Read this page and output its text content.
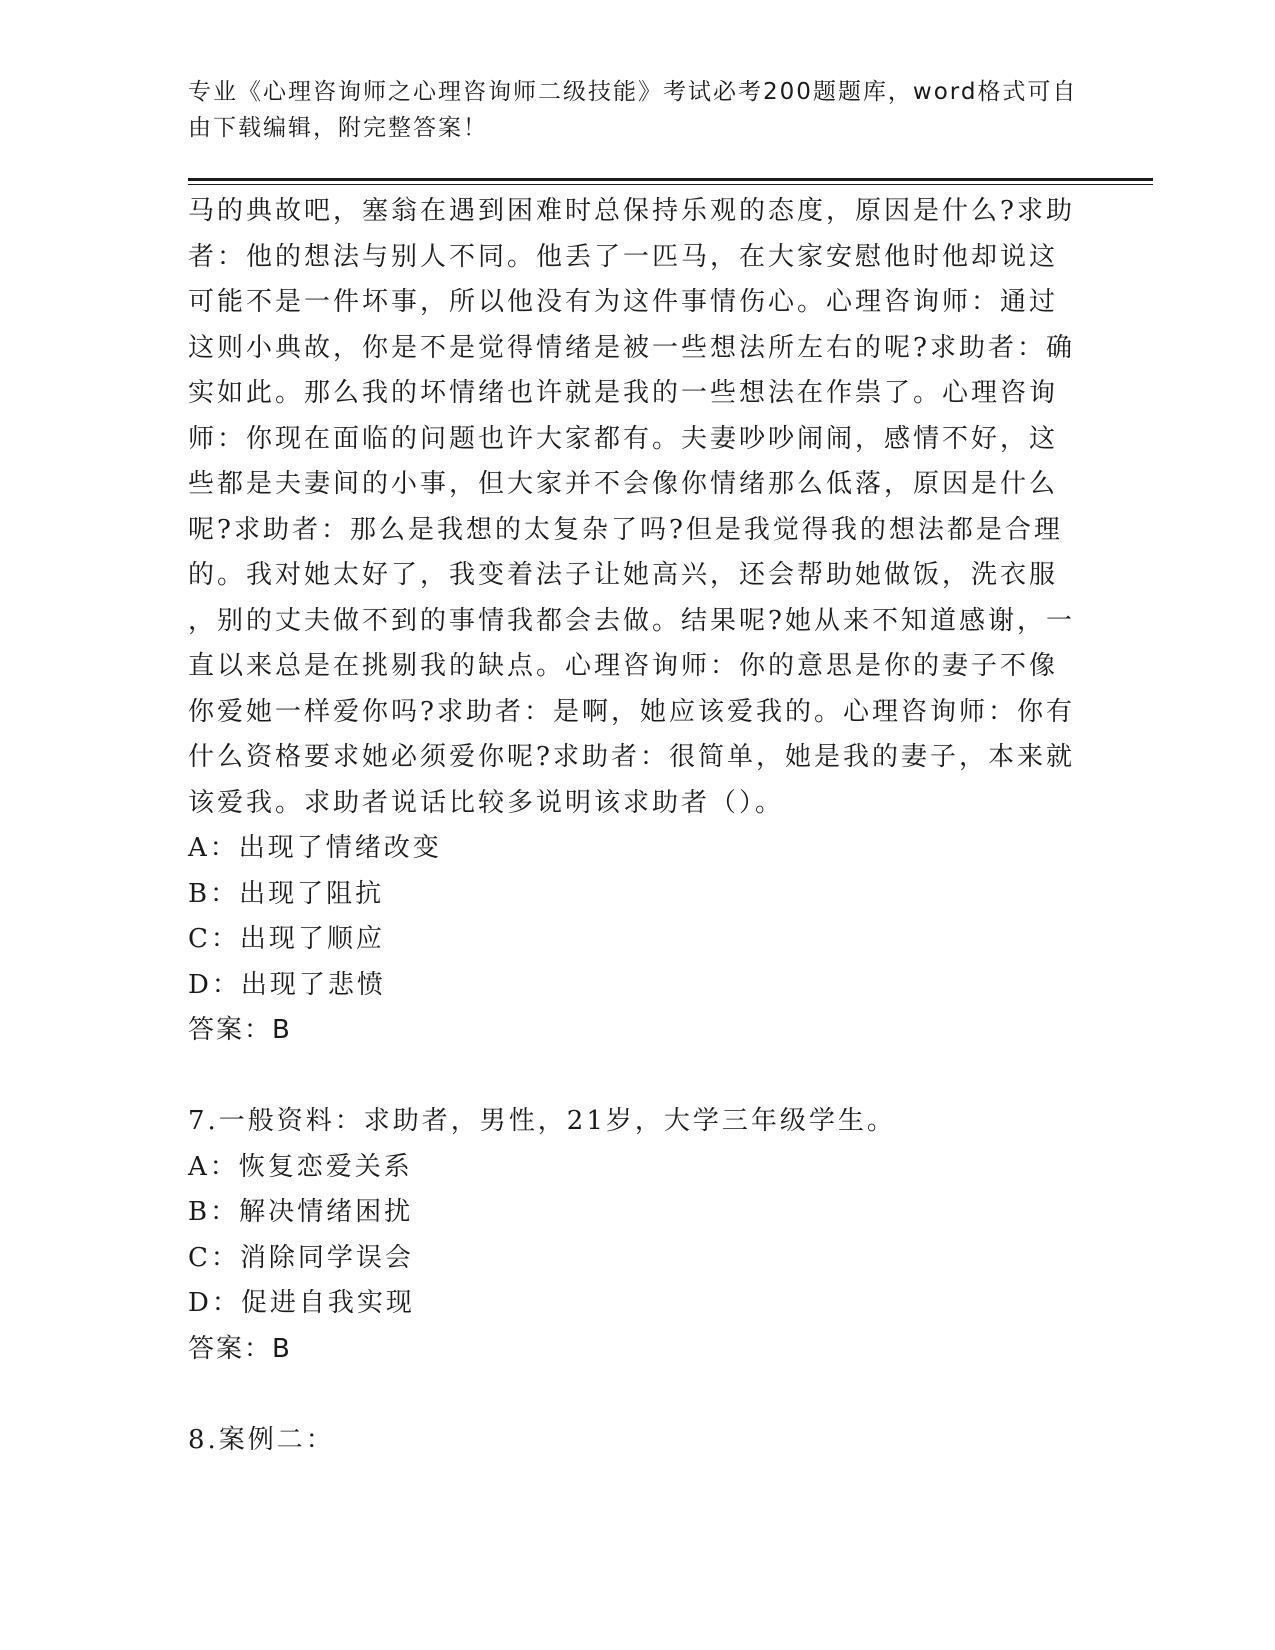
专业《心理咨询师之心理咨询师二级技能》考试必考200题题库，word格式可自
由下载编辑，附完整答案！
马的典故吧，塞翁在遇到困难时总保持乐观的态度，原因是什么?求助
者：他的想法与别人不同。他丢了一匹马，在大家安慰他时他却说这
可能不是一件坏事，所以他没有为这件事情伤心。心理咨询师：通过
这则小典故，你是不是觉得情绪是被一些想法所左右的呢?求助者：确
实如此。那么我的坏情绪也许就是我的一些想法在作祟了。心理咨询
师：你现在面临的问题也许大家都有。夫妻吵吵闹闹，感情不好，这
些都是夫妻间的小事，但大家并不会像你情绪那么低落，原因是什么
呢?求助者：那么是我想的太复杂了吗?但是我觉得我的想法都是合理
的。我对她太好了，我变着法子让她高兴，还会帮助她做饭，洗衣服
，别的丈夫做不到的事情我都会去做。结果呢?她从来不知道感谢，一
直以来总是在挑剔我的缺点。心理咨询师：你的意思是你的妻子不像
你爱她一样爱你吗?求助者：是啊，她应该爱我的。心理咨询师：你有
什么资格要求她必须爱你呢?求助者：很简单，她是我的妻子，本来就
该爱我。求助者说话比较多说明该求助者（）。
A：出现了情绪改变
B：出现了阻抗
C：出现了顺应
D：出现了悲愤
答案：B
7.一般资料：求助者，男性，21岁，大学三年级学生。
A：恢复恋爱关系
B：解决情绪困扰
C：消除同学误会
D：促进自我实现
答案：B
8.案例二：
